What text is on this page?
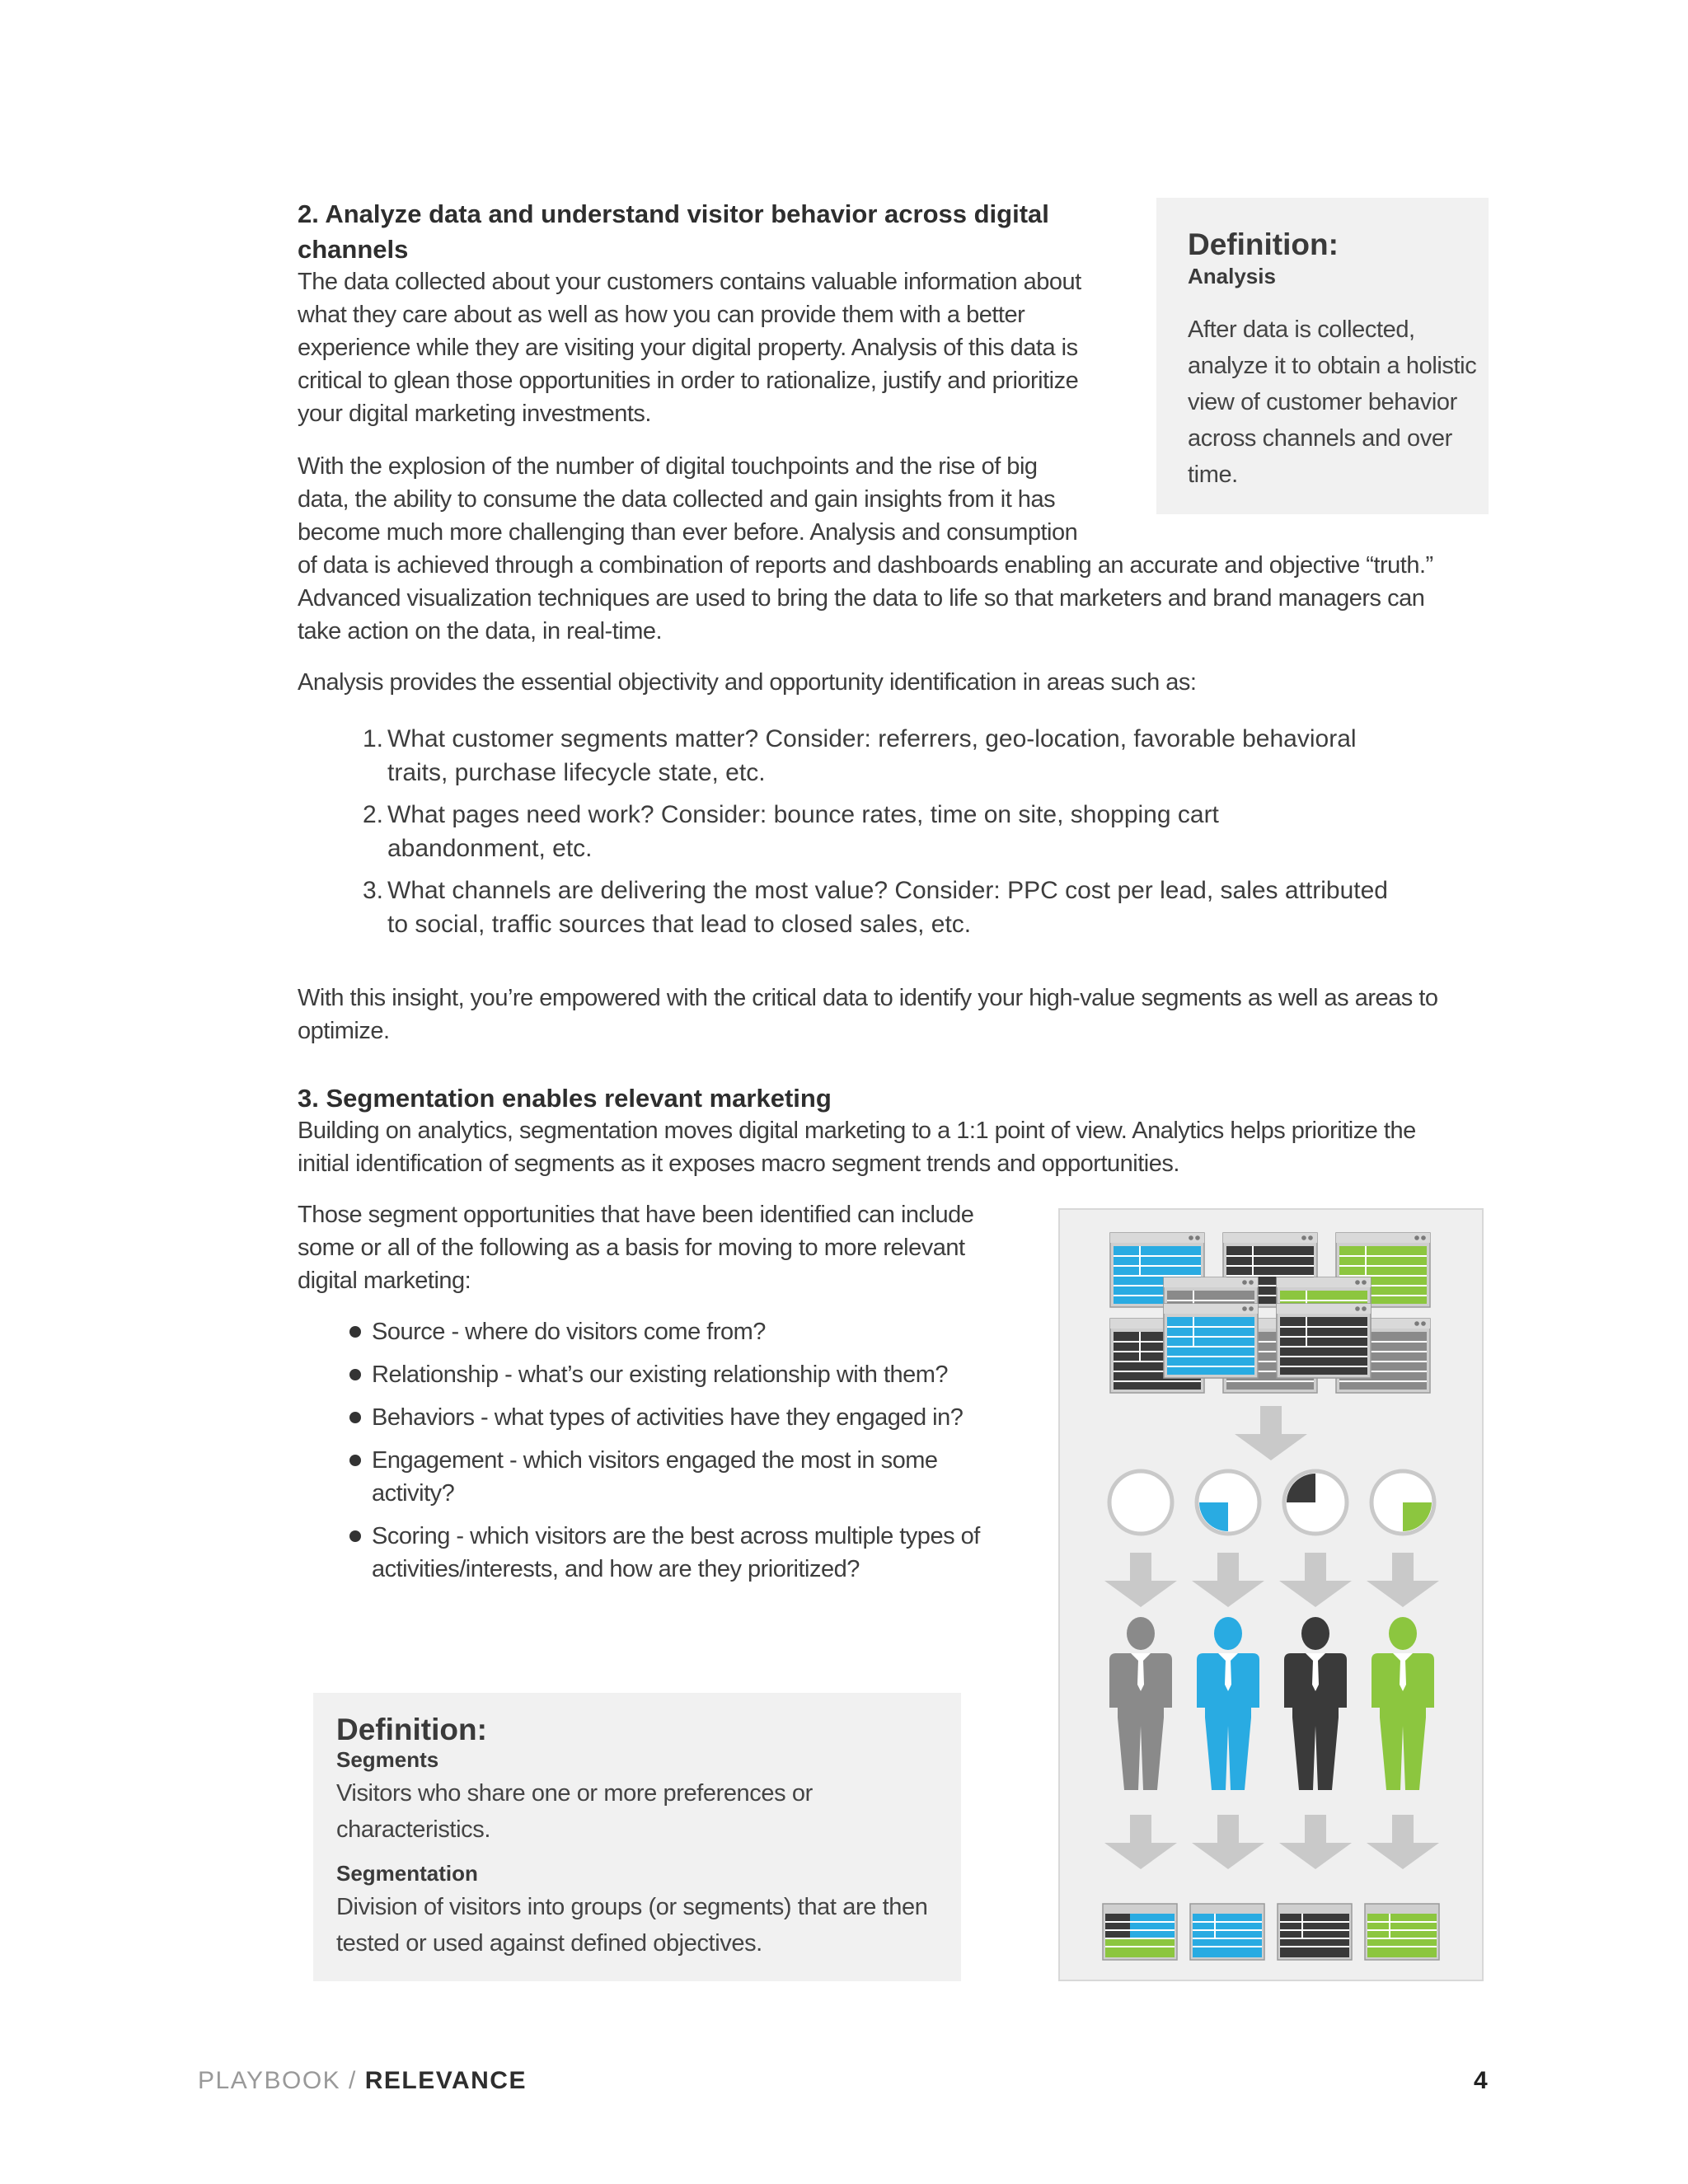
2. Analyze data and understand visitor behavior across digital
channels

The data collected about your customers contains valuable information about

what they care about as well as how you can provide them with a better

experience while they are visiting your digital property. Analysis of this data is

critical to glean those opportunities in order to rationalize, justify and prioritize

your digital marketing investments.

With the explosion of the number of digital touchpoints and the rise of big

data, the ability to consume the data collected and gain insights from it has

become much more challenging than ever before. Analysis and consumption

of data is achieved through a combination of reports and dashboards enabling an accurate and objective “truth.”

Advanced visualization techniques are used to bring the data to life so that marketers and brand managers can

take action on the data, in real-time.

Analysis provides the essential objectivity and opportunity identification in areas such as:

1. What customer segments matter? Consider: referrers, geo-location, favorable behavioral

traits, purchase lifecycle state, etc.

2. What pages need work? Consider: bounce rates, time on site, shopping cart

abandonment, etc.

3. What channels are delivering the most value? Consider: PPC cost per lead, sales attributed

to social, traffic sources that lead to closed sales, etc.

With this insight, you’re empowered with the critical data to identify your high-value segments as well as areas to

optimize.

Definition:

Analysis

After data is collected,

analyze it to obtain a holistic

view of customer behavior

across channels and over

time.

3. Segmentation enables relevant marketing

Building on analytics, segmentation moves digital marketing to a 1:1 point of view. Analytics helps prioritize the

initial identification of segments as it exposes macro segment trends and opportunities.

Those segment opportunities that have been identified can include

some or all of the following as a basis for moving to more relevant

digital marketing:

Source - where do visitors come from?

Relationship - what’s our existing relationship with them?

Behaviors - what types of activities have they engaged in?

Engagement - which visitors engaged the most in some

activity?

Scoring - which visitors are the best across multiple types of

activities/interests, and how are they prioritized?

Definition:

Segments

Visitors who share one or more preferences or

characteristics.

Segmentation

Division of visitors into groups (or segments) that are then

tested or used against defined objectives.

PLAYBOOK / RELEVANCE	4
